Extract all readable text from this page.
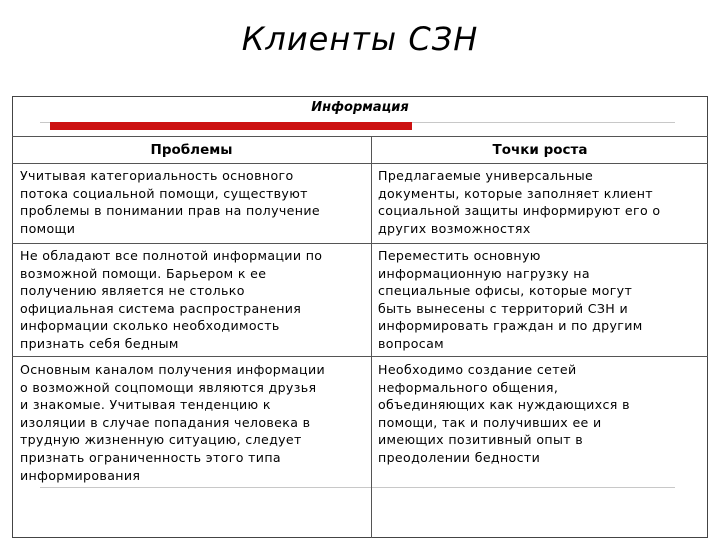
Клиенты СЗН
Информация
Проблемы	Точки роста
Учитывая категориальность основного
потока социальной помощи, существуют
проблемы в понимании прав на получение
помощи
Предлагаемые универсальные
документы, которые заполняет клиент
социальной защиты информируют его о
других возможностях
Не обладают все полнотой информации по
возможной помощи. Барьером к ее
получению является не столько
официальная система распространения
информации сколько необходимость
признать себя бедным
Переместить основную
информационную нагрузку на
специальные офисы, которые могут
быть вынесены с территорий СЗН и
информировать граждан и по другим
вопросам
Основным каналом получения информации
о возможной соцпомощи являются друзья
и знакомые. Учитывая тенденцию к
изоляции в случае попадания человека в
трудную жизненную ситуацию, следует
признать ограниченность этого типа
информирования
Необходимо создание сетей
неформального общения,
объединяющих как нуждающихся в
помощи, так и получивших ее и
имеющих позитивный опыт в
преодолении бедности
